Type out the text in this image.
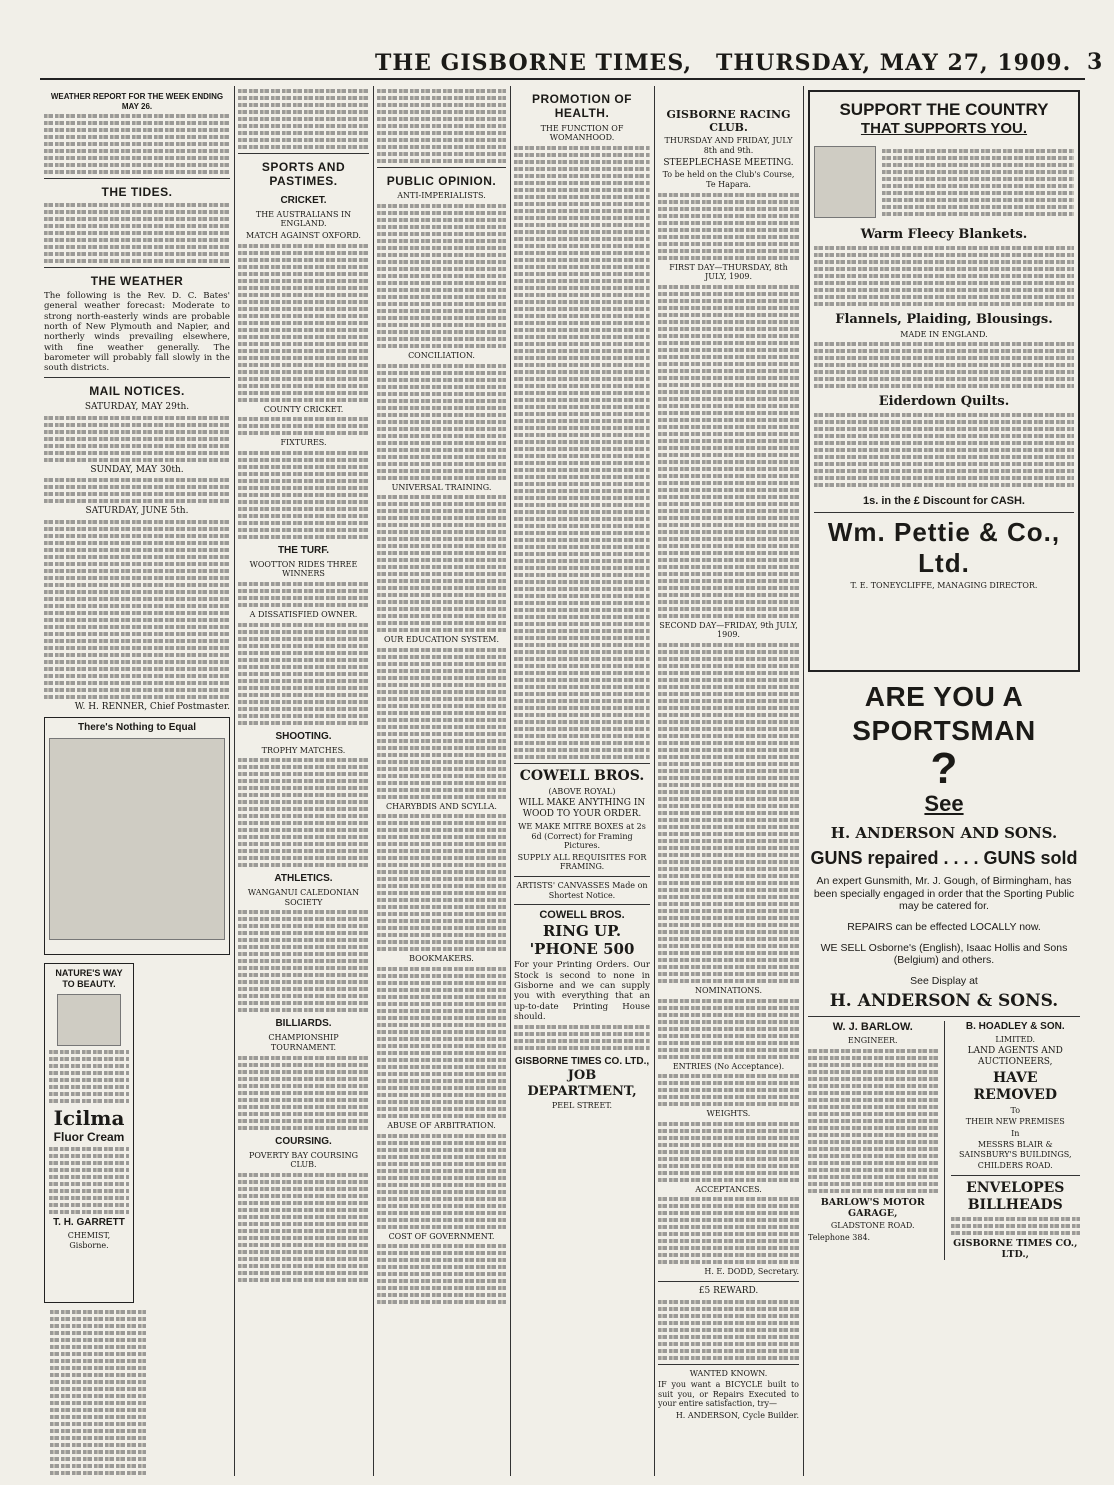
THE GISBORNE TIMES, THURSDAY, MAY 27, 1909. 3
WEATHER REPORT FOR THE WEEK ENDING MAY 26.
THE TIDES.
THE WEATHER

The following is the Rev. D. C. Bates' general weather forecast: Moderate to strong north-easterly winds are probable north of New Plymouth and Napier, and northerly winds prevailing elsewhere, with fine weather generally. The barometer will probably fall slowly in the south districts.

MAIL NOTICES.
SATURDAY, MAY 29th.
SUNDAY, MAY 30th.
SATURDAY, JUNE 5th.
W. H. RENNER, Chief Postmaster.
There's Nothing to Equal
NATURE'S WAY TO BEAUTY.
Icilma
Fluor Cream
T. H. GARRETT
CHEMIST, Gisborne.
SPORTS AND PASTIMES.
CRICKET.
THE AUSTRALIANS IN ENGLAND.
MATCH AGAINST OXFORD.
COUNTY CRICKET.
FIXTURES.
THE TURF.
WOOTTON RIDES THREE WINNERS
A DISSATISFIED OWNER.
SHOOTING.
TROPHY MATCHES.
ATHLETICS.
WANGANUI CALEDONIAN SOCIETY
BILLIARDS.
CHAMPIONSHIP TOURNAMENT.
COURSING.
POVERTY BAY COURSING CLUB.
PUBLIC OPINION.
ANTI-IMPERIALISTS.
CONCILIATION.
UNIVERSAL TRAINING.
OUR EDUCATION SYSTEM.
CHARYBDIS AND SCYLLA.
BOOKMAKERS.
ABUSE OF ARBITRATION.
COST OF GOVERNMENT.
PROMOTION OF HEALTH.
THE FUNCTION OF WOMANHOOD.
COWELL BROS.
(ABOVE ROYAL)

WILL MAKE ANYTHING IN WOOD TO YOUR ORDER.

WE MAKE MITRE BOXES at 2s 6d (Correct) for Framing Pictures.

SUPPLY ALL REQUISITES FOR FRAMING.

ARTISTS' CANVASSES Made on Shortest Notice.

COWELL BROS.
RING UP.
'PHONE 500

For your Printing Orders. Our Stock is second to none in Gisborne and we can supply you with everything that an up-to-date Printing House should.

GISBORNE TIMES CO. LTD.,
JOB DEPARTMENT,
PEEL STREET.
GISBORNE RACING CLUB.
THURSDAY AND FRIDAY, JULY 8th and 9th.
STEEPLECHASE MEETING.
To be held on the Club's Course, Te Hapara.
FIRST DAY—THURSDAY, 8th JULY, 1909.
SECOND DAY—FRIDAY, 9th JULY, 1909.
NOMINATIONS.
ENTRIES (No Acceptance).
WEIGHTS.
ACCEPTANCES.
H. E. DODD, Secretary.
£5 REWARD.
WANTED KNOWN.

IF you want a BICYCLE built to suit you, or Repairs Executed to your entire satisfaction, try—

H. ANDERSON, Cycle Builder.
SUPPORT THE COUNTRY
THAT SUPPORTS YOU.
Warm Fleecy Blankets.
Flannels, Plaiding, Blousings.
MADE IN ENGLAND.
Eiderdown Quilts.
1s. in the £ Discount for CASH.
Wm. Pettie & Co., Ltd.
T. E. TONEYCLIFFE, MANAGING DIRECTOR.
ARE YOU A SPORTSMAN
?
See
H. ANDERSON AND SONS.
GUNS repaired . . . . GUNS sold

An expert Gunsmith, Mr. J. Gough, of Birmingham, has been specially engaged in order that the Sporting Public may be catered for.

REPAIRS can be effected LOCALLY now.
WE SELL Osborne's (English), Isaac Hollis and Sons (Belgium) and others.
See Display at
H. ANDERSON & SONS.
W. J. BARLOW.
ENGINEER.
BARLOW'S MOTOR GARAGE,
GLADSTONE ROAD.
Telephone 384.
B. HOADLEY & SON.
LIMITED.
LAND AGENTS AND AUCTIONEERS,
HAVE REMOVED
To
THEIR NEW PREMISES
In
MESSRS BLAIR & SAINSBURY'S BUILDINGS,
CHILDERS ROAD.
ENVELOPES
BILLHEADS
GISBORNE TIMES CO., LTD.,
